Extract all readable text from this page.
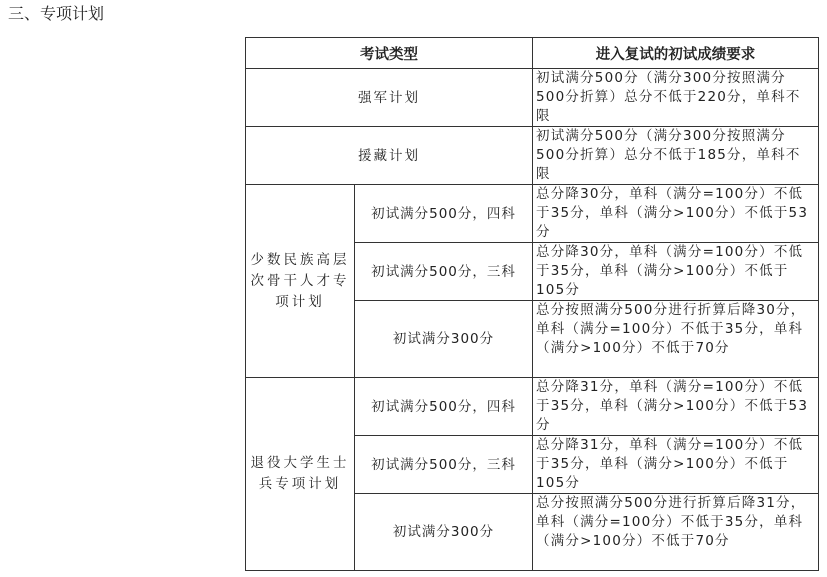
三、专项计划
考试类型		进入复试的初试成绩要求
强军计划		初试满分500分（满分300分按照满分500分折算）总分不低于220分，单科不限
援藏计划		初试满分500分（满分300分按照满分500分折算）总分不低于185分，单科不限
少数民族高层次骨干人才专项计划	初试满分500分，四科	总分降30分，单科（满分=100分）不低于35分，单科（满分>100分）不低于53分
	初试满分500分，三科	总分降30分，单科（满分=100分）不低于35分，单科（满分>100分）不低于105分
	初试满分300分	总分按照满分500分进行折算后降30分，单科（满分=100分）不低于35分，单科（满分>100分）不低于70分
退役大学生士兵专项计划	初试满分500分，四科	总分降31分，单科（满分=100分）不低于35分，单科（满分>100分）不低于53分
	初试满分500分，三科	总分降31分，单科（满分=100分）不低于35分，单科（满分>100分）不低于105分
	初试满分300分	总分按照满分500分进行折算后降31分，单科（满分=100分）不低于35分，单科（满分>100分）不低于70分
